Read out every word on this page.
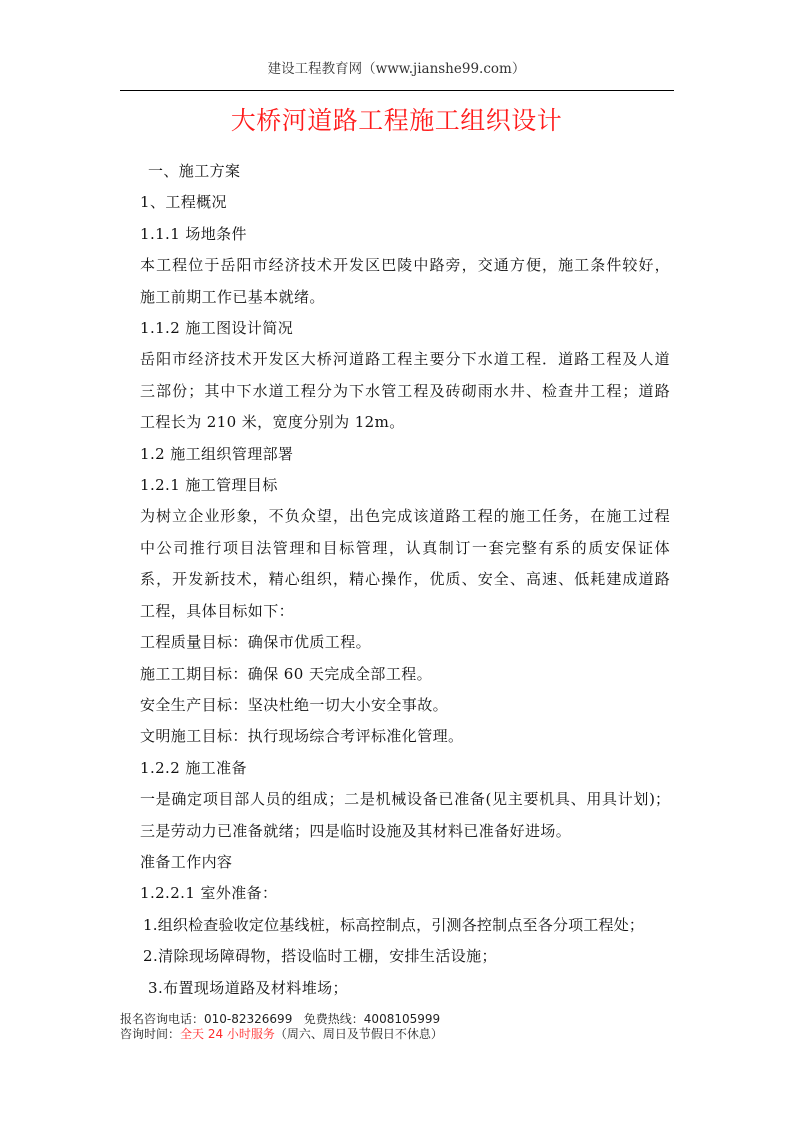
建设工程教育网（www.jianshe99.com）
大桥河道路工程施工组织设计
一、施工方案
1、工程概况
1.1.1 场地条件
本工程位于岳阳市经济技术开发区巴陵中路旁，交通方便，施工条件较好，
施工前期工作已基本就绪。
1.1.2 施工图设计简况
岳阳市经济技术开发区大桥河道路工程主要分下水道工程．道路工程及人道
三部份；其中下水道工程分为下水管工程及砖砌雨水井、检查井工程；道路
工程长为 210 米，宽度分别为 12m。
1.2 施工组织管理部署
1.2.1 施工管理目标
为树立企业形象，不负众望，出色完成该道路工程的施工任务，在施工过程
中公司推行项目法管理和目标管理，认真制订一套完整有系的质安保证体
系，开发新技术，精心组织，精心操作，优质、安全、高速、低耗建成道路
工程，具体目标如下：
工程质量目标：确保市优质工程。
施工工期目标：确保 60 天完成全部工程。
安全生产目标：坚决杜绝一切大小安全事故。
文明施工目标：执行现场综合考评标准化管理。
1.2.2 施工准备
一是确定项目部人员的组成；二是机械设备已准备(见主要机具、用具计划)；
三是劳动力已准备就绪；四是临时设施及其材料已准备好进场。
准备工作内容
1.2.2.1 室外准备：
1.组织检查验收定位基线桩，标高控制点，引测各控制点至各分项工程处；
2.清除现场障碍物，搭设临时工棚，安排生活设施；
3.布置现场道路及材料堆场；
报名咨询电话：010-82326699 免费热线：4008105999
咨询时间：全天 24 小时服务（周六、周日及节假日不休息）
